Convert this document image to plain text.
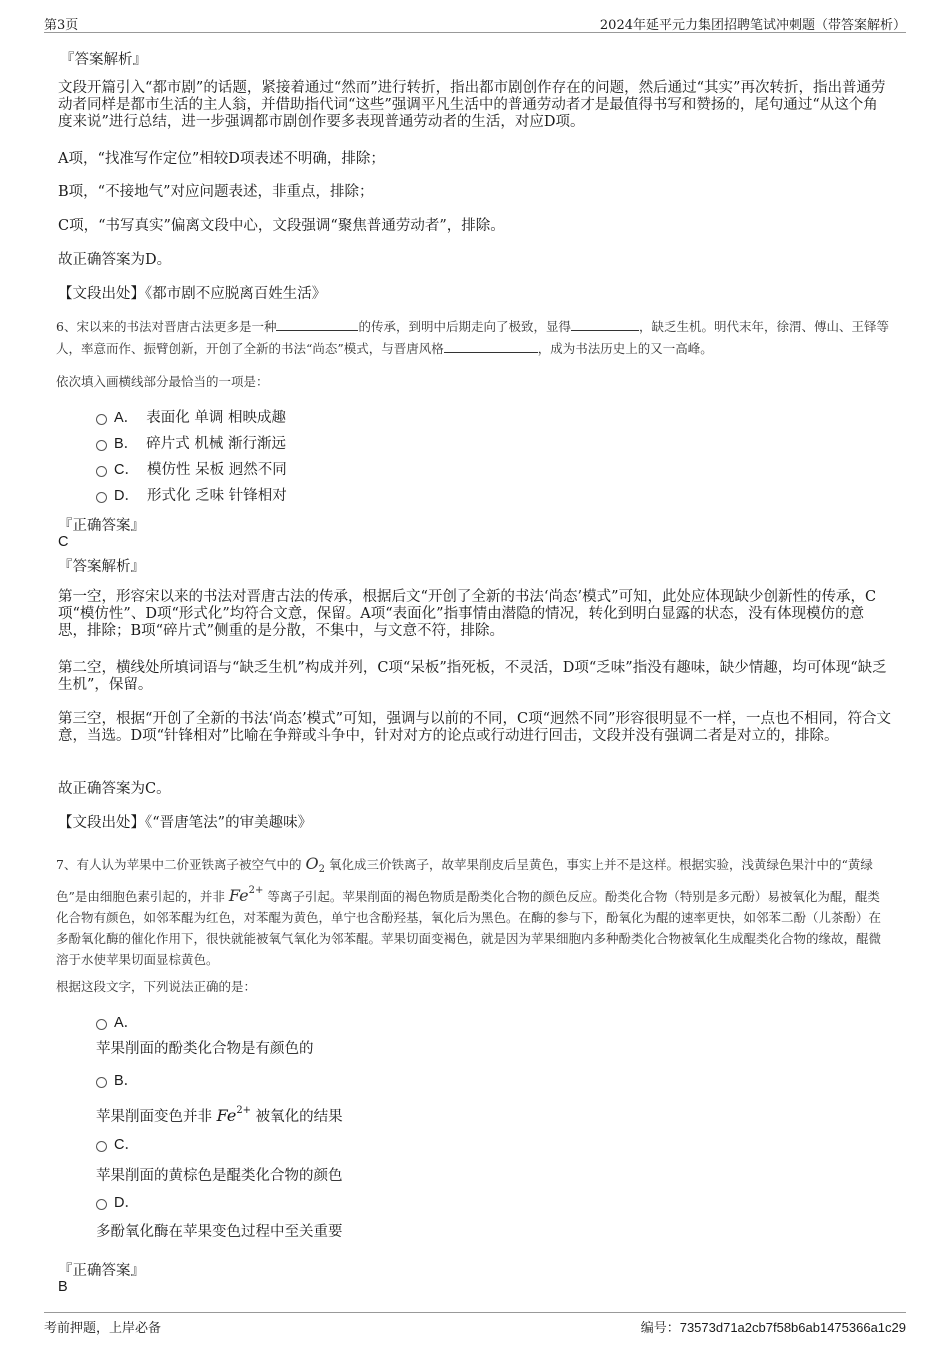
第3页	2024年延平元力集团招聘笔试冲刺题（带答案解析）
『答案解析』

文段开篇引入“都市剧”的话题，紧接着通过“然而”进行转折，指出都市剧创作存在的问题，然后通过“其实”再次转折，指出普通劳动者同样是都市生活的主人翁，并借助指代词“这些”强调平凡生活中的普通劳动者才是最值得书写和赞扬的，尾句通过“从这个角度来说”进行总结，进一步强调都市剧创作要多表现普通劳动者的生活，对应D项。

A项，“找准写作定位”相较D项表述不明确，排除；

B项，“不接地气”对应问题表述，非重点，排除；

C项，“书写真实”偏离文段中心，文段强调“聚焦普通劳动者”，排除。

故正确答案为D。

【文段出处】《都市剧不应脱离百姓生活》

6、宋以来的书法对晋唐古法更多是一种	的传承，到明中后期走向了极致，显得	，缺乏生机。明代末年，徐渭、傅山、王铎等人，率意而作、振臂创新，开创了全新的书法“尚态”模式，与晋唐风格	，成为书法历史上的又一高峰。

依次填入画横线部分最恰当的一项是：
A． 表面化 单调 相映成趣
B． 碎片式 机械 渐行渐远
C． 模仿性 呆板 迥然不同
D． 形式化 乏味 针锋相对
『正确答案』
C
『答案解析』

第一空，形容宋以来的书法对晋唐古法的传承，根据后文“开创了全新的书法‘尚态’模式”可知，此处应体现缺少创新性的传承，C项“模仿性”、D项“形式化”均符合文意，保留。A项“表面化”指事情由潜隐的情况，转化到明白显露的状态，没有体现模仿的意思，排除；B项“碎片式”侧重的是分散，不集中，与文意不符，排除。

第二空，横线处所填词语与“缺乏生机”构成并列，C项“呆板”指死板，不灵活，D项“乏味”指没有趣味，缺少情趣，均可体现“缺乏生机”，保留。

第三空，根据“开创了全新的书法‘尚态’模式”可知，强调与以前的不同，C项“迥然不同”形容很明显不一样，一点也不相同，符合文意，当选。D项“针锋相对”比喻在争辩或斗争中，针对对方的论点或行动进行回击，文段并没有强调二者是对立的，排除。

故正确答案为C。

【文段出处】《“晋唐笔法”的审美趣味》

7、有人认为苹果中二价亚铁离子被空气中的 $O_2$ 氧化成三价铁离子，故苹果削皮后呈黄色，事实上并不是这样。根据实验，浅黄绿色果汁中的“黄绿色”是由细胞色素引起的，并非 $Fe^{2+}$ 等离子引起。苹果削面的褐色物质是酚类化合物的颜色反应。酚类化合物（特别是多元酚）易被氧化为醌，醌类化合物有颜色，如邻苯醌为红色，对苯醌为黄色，单宁也含酚羟基，氧化后为黑色。在酶的参与下，酚氧化为醌的速率更快，如邻苯二酚（儿茶酚）在多酚氧化酶的催化作用下，很快就能被氧气氧化为邻苯醌。苹果切面变褐色，就是因为苹果细胞内多种酚类化合物被氧化生成醌类化合物的缘故，醌微溶于水使苹果切面显棕黄色。

根据这段文字，下列说法正确的是：
A．
苹果削面的酚类化合物是有颜色的
B．
苹果削面变色并非 $Fe^{2+}$ 被氧化的结果
C．
苹果削面的黄棕色是醌类化合物的颜色
D．
多酚氧化酶在苹果变色过程中至关重要
『正确答案』
B
考前押题，上岸必备	编号：73573d71a2cb7f58b6ab1475366a1c29
